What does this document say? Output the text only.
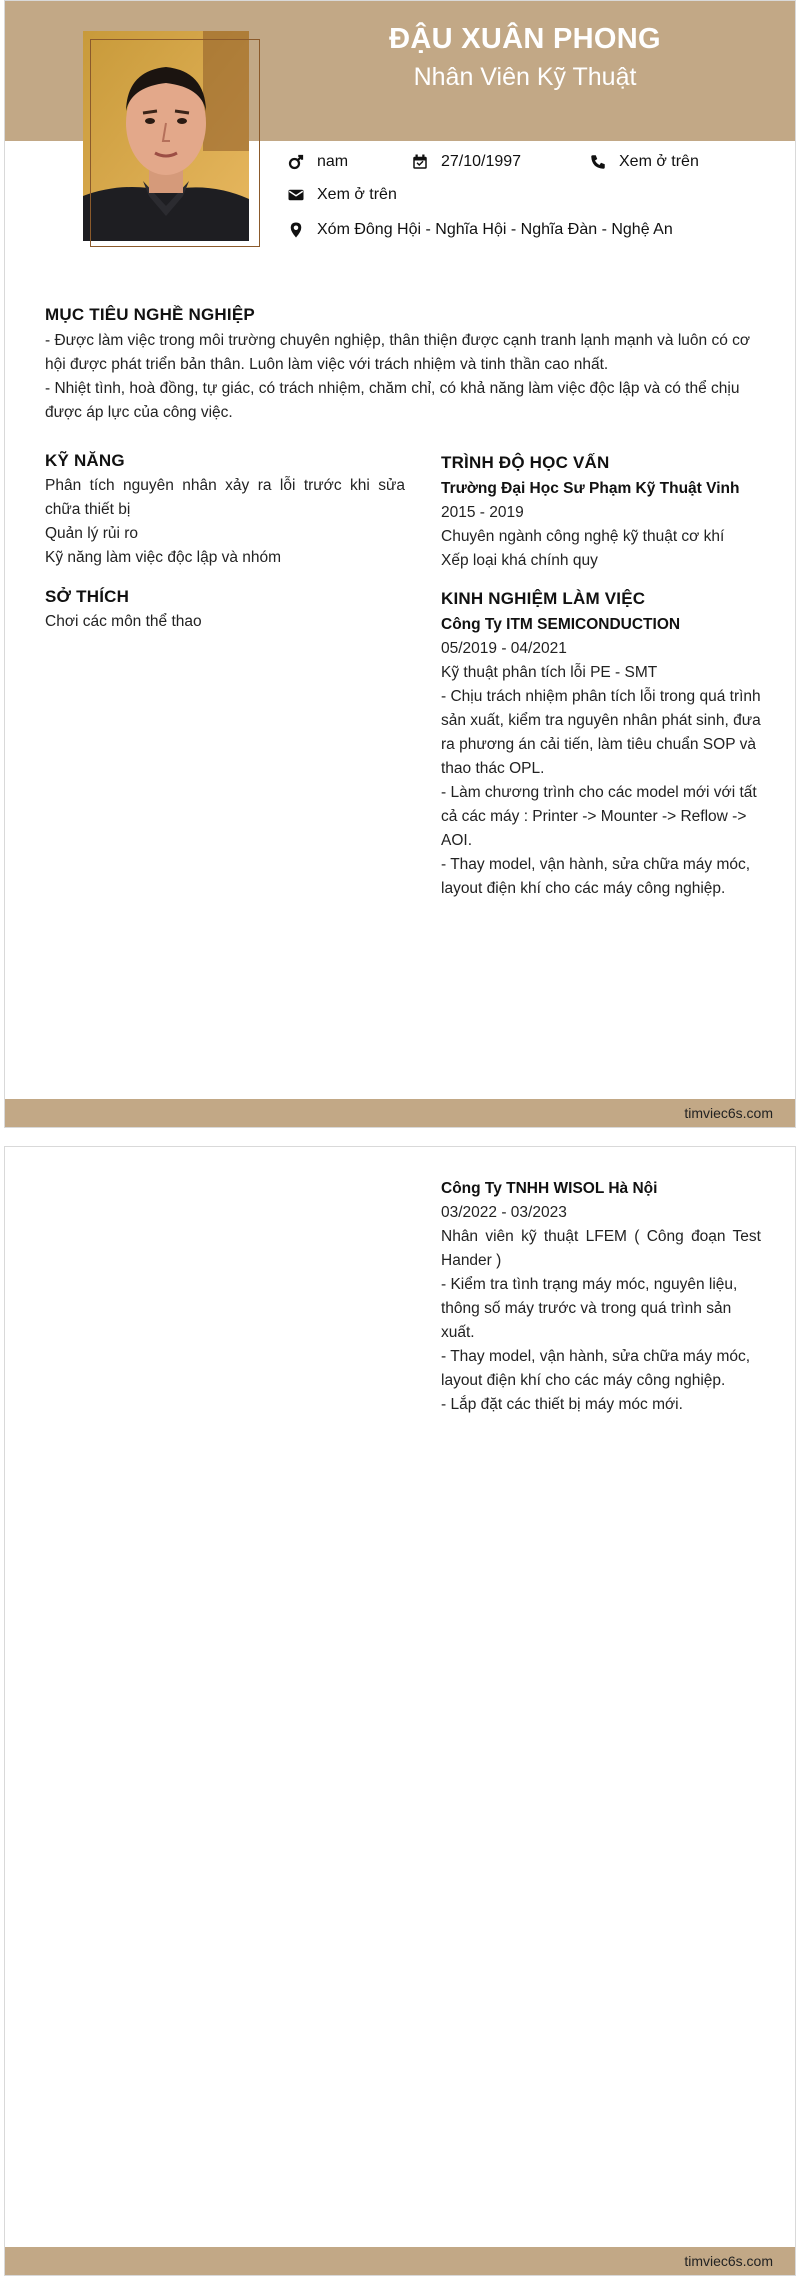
ĐẬU XUÂN PHONG
Nhân Viên Kỹ Thuật
nam	27/10/1997	Xem ở trên
Xem ở trên
Xóm Đông Hội - Nghĩa Hội - Nghĩa Đàn - Nghệ An
MỤC TIÊU NGHỀ NGHIỆP

- Được làm việc trong môi trường chuyên nghiệp, thân thiện được cạnh tranh lạnh mạnh và luôn có cơ hội được phát triển bản thân. Luôn làm việc với trách nhiệm và tinh thần cao nhất.

- Nhiệt tình, hoà đồng, tự giác, có trách nhiệm, chăm chỉ, có khả năng làm việc độc lập và có thể chịu được áp lực của công việc.

KỸ NĂNG

Phân tích nguyên nhân xảy ra lỗi trước khi sửa chữa thiết bị

Quản lý rủi ro

Kỹ năng làm việc độc lập và nhóm

SỞ THÍCH

Chơi các môn thể thao

TRÌNH ĐỘ HỌC VẤN

Trường Đại Học Sư Phạm Kỹ Thuật Vinh

2015 - 2019

Chuyên ngành công nghệ kỹ thuật cơ khí

Xếp loại khá chính quy

KINH NGHIỆM LÀM VIỆC

Công Ty ITM SEMICONDUCTION

05/2019 - 04/2021

Kỹ thuật phân tích lỗi PE - SMT

- Chịu trách nhiệm phân tích lỗi trong quá trình sản xuất, kiểm tra nguyên nhân phát sinh, đưa ra phương án cải tiến, làm tiêu chuẩn SOP và thao thác OPL.

- Làm chương trình cho các model mới với tất cả các máy : Printer -> Mounter -> Reflow -> AOI.

- Thay model, vận hành, sửa chữa máy móc, layout điện khí cho các máy công nghiệp.

timviec6s.com

Công Ty TNHH WISOL Hà Nội

03/2022 - 03/2023

Nhân viên kỹ thuật LFEM ( Công đoạn Test Hander )

- Kiểm tra tình trạng máy móc, nguyên liệu, thông số máy trước và trong quá trình sản xuất.

- Thay model, vận hành, sửa chữa máy móc, layout điện khí cho các máy công nghiệp.

- Lắp đặt các thiết bị máy móc mới.

timviec6s.com
